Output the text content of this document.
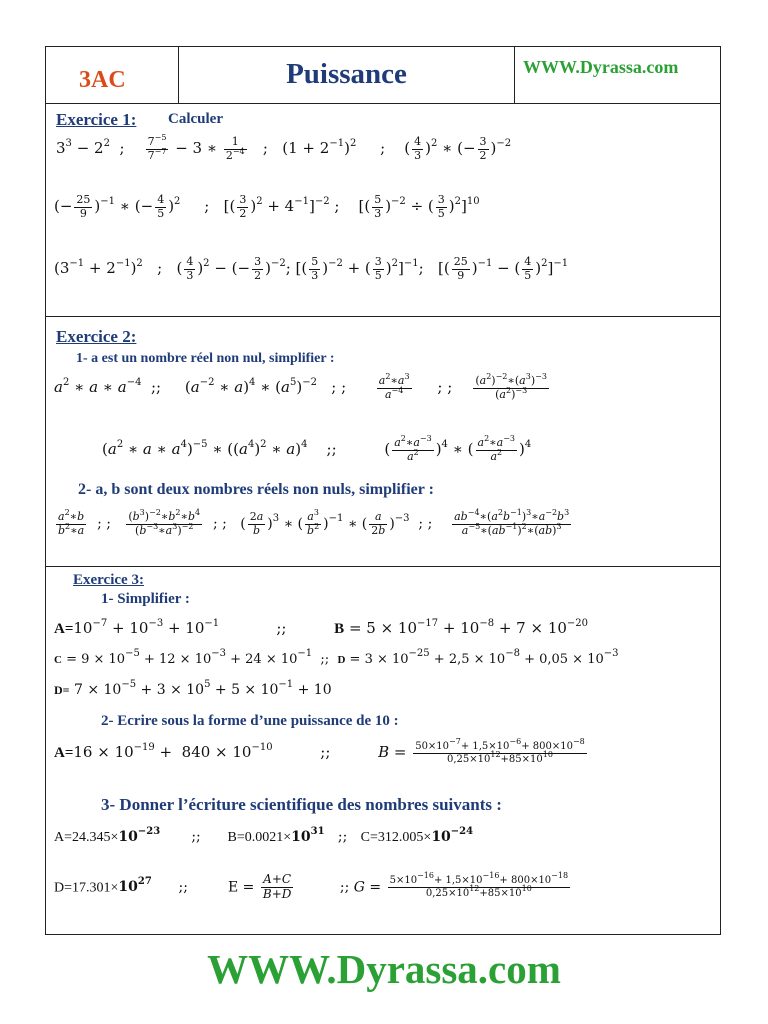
3AC	Puissance	WWW.Dyrassa.com
Exercice 1: Calculer
$3^3 - 2^2$  ; $\frac{7^{-5}}{7^{-7}} - 3$ ∗ $\frac{1}{2^{-4}}$ ;   $(1 + 2^{-1})^2$     ;    ( $\frac{4}{3} )^2$ ∗ (− $\frac{3}{2} )^{-2}$
(− $\frac{25}{9} )^{-1}$ ∗ (− $\frac{4}{5} )^2$     ;   [( $\frac{3}{2} )^2 + 4^{-1}]^{-2}$ ;    [( $\frac{5}{3} )^{-2}$ ÷ ( $\frac{3}{5} )^2]^{10}$
$(3^{-1} + 2^{-1})^2$   ;   ( $\frac{4}{3} )^2$ − (− $\frac{3}{2} )^{-2}$; [( $\frac{5}{3} )^{-2}$ + ( $\frac{3}{5} )^2]^{-1}$;   [( $\frac{25}{9} )^{-1}$ − ( $\frac{4}{5} )^2]^{-1}$
Exercice 2:
1- a est un nombre réel non nul, simplifier :
$a^2$ ∗ a ∗ $a^{-4}$  ;;     ($a^{-2}$ ∗ a)$^4$ ∗ $(a^5)^{-2}$   ; ; $\frac{a^2∗a^3}{a^{-4}}$ ; ; $\frac{(a^2)^{-2}∗(a^3)^{-3}}{(a^2)^{-3}}$
($a^2$ ∗ a ∗ $a^4)^{-5}$ ∗ ($(a^4)^2$ ∗ a)$^4$    ;;          ( $\frac{a^2∗a^{-3}}{a^2} )^4$ ∗ ( $\frac{a^2∗a^{-3}}{a^2} )^4$
2- a, b sont deux nombres réels non nuls, simplifier :
$\frac{a^2∗b}{b^2∗a}$ ; ; $\frac{(b^3)^{-2}∗b^2∗b^4}{(b^{-3}∗a^3)^{-2}}$ ; ;   ( $\frac{2a}{b} )^3$ ∗ ( $\frac{a^3}{b^2} )^{-1}$ ∗ ( $\frac{a}{2b} )^{-3}$  ; ; $\frac{ab^{-4}∗(a^2b^{-1})^3∗a^{-2}b^3}{a^{-5}∗(ab^{-1})^2∗(ab)^3}$
Exercice 3:
1- Simplifier :
$A=10^{-7} + 10^{-3} + 10^{-1}$            ;;          $B = 5 \times 10^{-17} + 10^{-8} + 7 \times 10^{-20}$
$C = 9 \times 10^{-5} + 12 \times 10^{-3} + 24 \times 10^{-1}$  ;;  $D = 3 \times 10^{-25} + 2,5 \times 10^{-8} + 0,05 \times 10^{-3}$
$D= 7 \times 10^{-5} + 3 \times 10^5 + 5 \times 10^{-1} + 10$
2- Ecrire sous la forme d’une puissance de 10 :
$A=16 \times 10^{-19} + 840 \times 10^{-10}$          ;;          $B = \frac{50\times 10^{-7}+ 1,5\times 10^{-6}+ 800\times 10^{-8}}{0,25\times 10^{12}+85\times 10^{10}}$
3- Donner l’écriture scientifique des nombres suivants :
$A=24.345\times 10^{-23}$       ;;      $B=0.0021\times 10^{31}$   ;;   $C=312.005\times 10^{-24}$
$D=17.301\times 10^{27}$      ;;         $E = \frac{A+C}{B+D}$ ;; $G = \frac{5\times 10^{-16}+ 1,5\times 10^{-16}+ 800\times 10^{-18}}{0,25\times 10^{12}+85\times 10^{10}}$
WWW.Dyrassa.com
